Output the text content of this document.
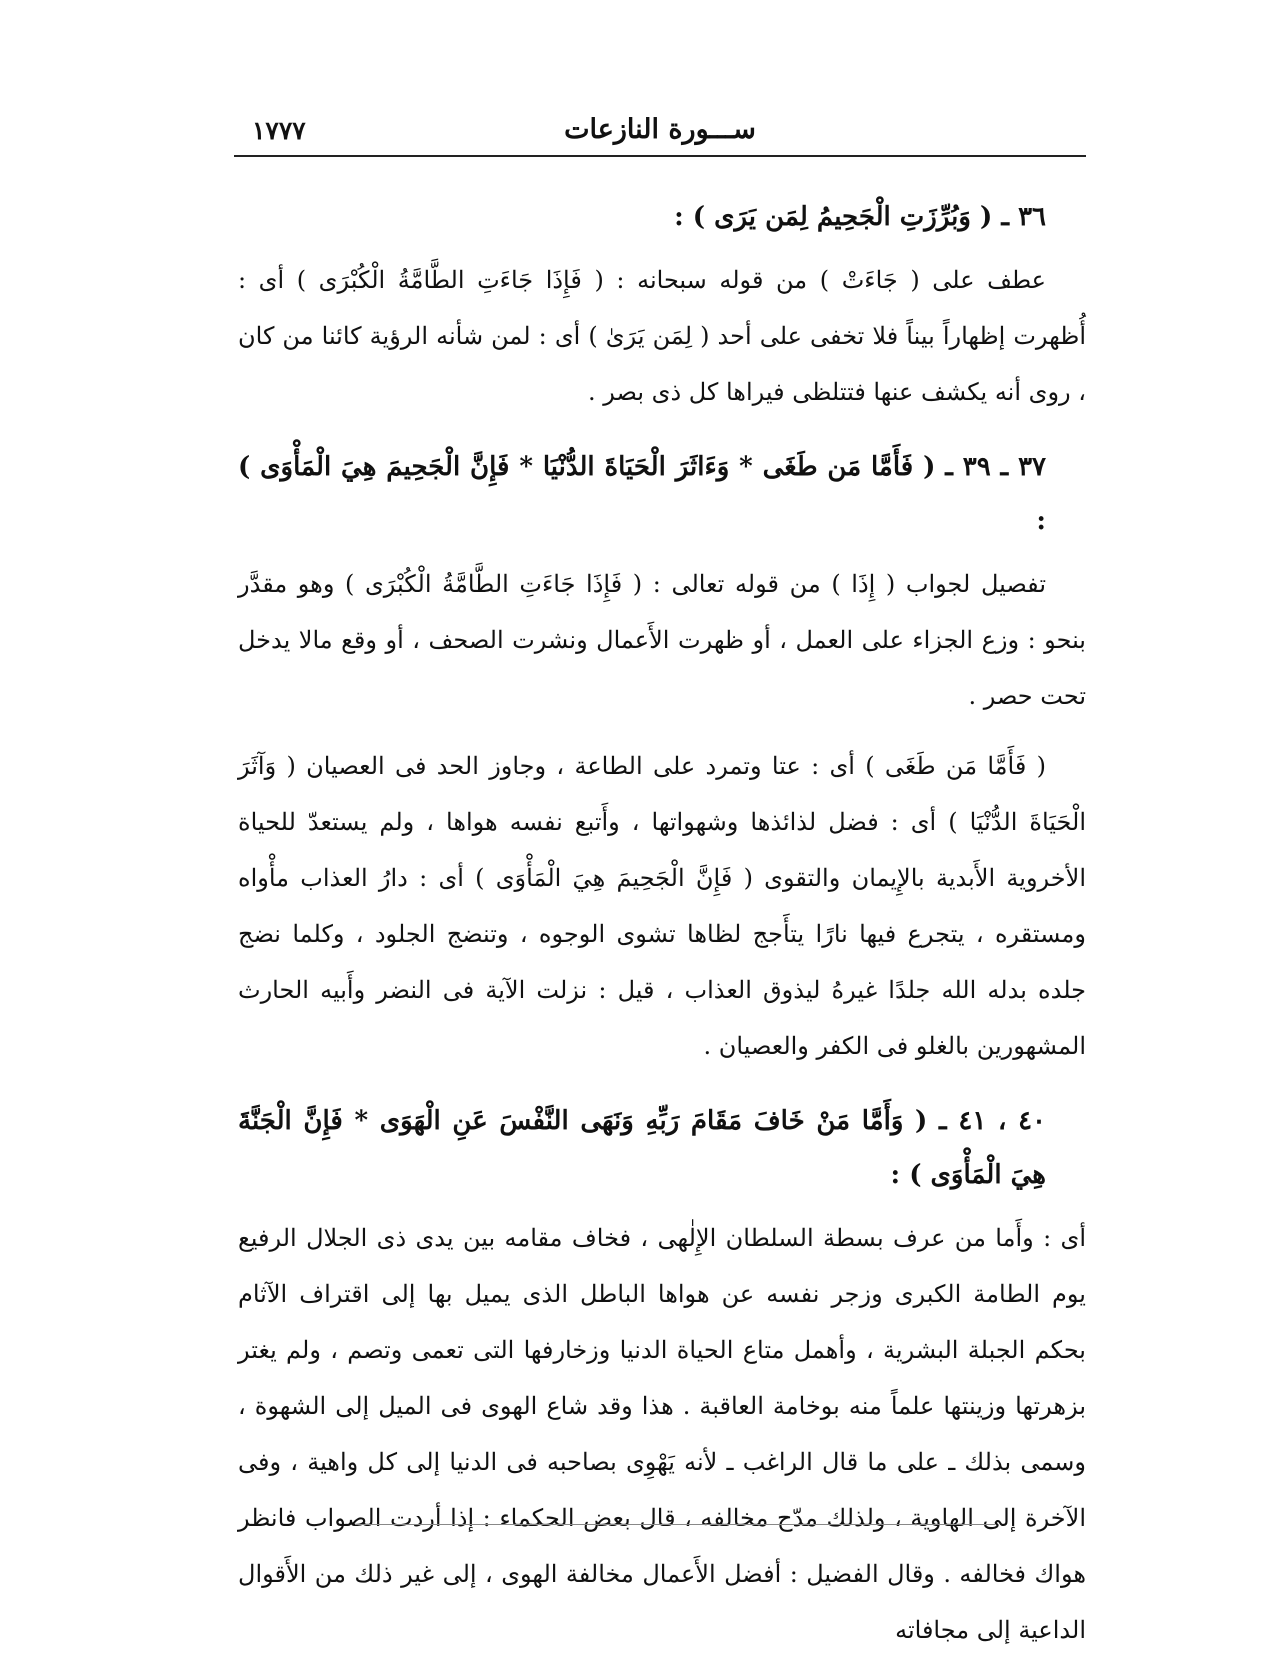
ســـورة النازعات
١٧٧٧
٣٦ ـ ( وَبُرِّزَتِ الْجَحِيمُ لِمَن يَرَى ) :

عطف على ( جَاءَتْ ) من قوله سبحانه : ( فَإِذَا جَاءَتِ الطَّامَّةُ الْكُبْرَى ) أى : أُظهرت إظهاراً بيناً فلا تخفى على أحد ( لِمَن يَرَىٰ ) أى : لمن شأنه الرؤية كائنا من كان ، روى أنه يكشف عنها فتتلظى فيراها كل ذى بصر .

٣٧ ـ ٣٩ ـ ( فَأَمَّا مَن طَغَى * وَءَاثَرَ الْحَيَاةَ الدُّنْيَا * فَإِنَّ الْجَحِيمَ هِيَ الْمَأْوَى ) :

تفصيل لجواب ( إِذَا ) من قوله تعالى : ( فَإِذَا جَاءَتِ الطَّامَّةُ الْكُبْرَى ) وهو مقدَّر بنحو : وزع الجزاء على العمل ، أو ظهرت الأَعمال ونشرت الصحف ، أو وقع مالا يدخل تحت حصر .

( فَأَمَّا مَن طَغَى ) أى : عتا وتمرد على الطاعة ، وجاوز الحد فى العصيان ( وَآثَرَ الْحَيَاةَ الدُّنْيَا ) أى : فضل لذائذها وشهواتها ، وأَتبع نفسه هواها ، ولم يستعدّ للحياة الأخروية الأَبدية بالإِيمان والتقوى ( فَإِنَّ الْجَحِيمَ هِيَ الْمَأْوَى ) أى : دارُ العذاب مأْواه ومستقره ، يتجرع فيها نارًا يتأَجج لظاها تشوى الوجوه ، وتنضج الجلود ، وكلما نضج جلده بدله الله جلدًا غيرهُ ليذوق العذاب ، قيل : نزلت الآية فى النضر وأَبيه الحارث المشهورين بالغلو فى الكفر والعصيان .

٤٠ ، ٤١ ـ ( وَأَمَّا مَنْ خَافَ مَقَامَ رَبِّهِ وَنَهَى النَّفْسَ عَنِ الْهَوَى * فَإِنَّ الْجَنَّةَ هِيَ الْمَأْوَى ) :

أى : وأَما من عرف بسطة السلطان الإِلٰهى ، فخاف مقامه بين يدى ذى الجلال الرفيع يوم الطامة الكبرى وزجر نفسه عن هواها الباطل الذى يميل بها إلى اقتراف الآثام بحكم الجبلة البشرية ، وأهمل متاع الحياة الدنيا وزخارفها التى تعمى وتصم ، ولم يغتر بزهرتها وزينتها علماً منه بوخامة العاقبة . هذا وقد شاع الهوى فى الميل إلى الشهوة ، وسمى بذلك ـ على ما قال الراغب ـ لأنه يَهْوِى بصاحبه فى الدنيا إلى كل واهية ، وفى الآخرة إلى الهاوية ، ولذلك مدّح مخالفه ، قال بعض الحكماء : إذا أردت الصواب فانظر هواك فخالفه . وقال الفضيل : أفضل الأَعمال مخالفة الهوى ، إلى غير ذلك من الأَقوال الداعية إلى مجافاته
